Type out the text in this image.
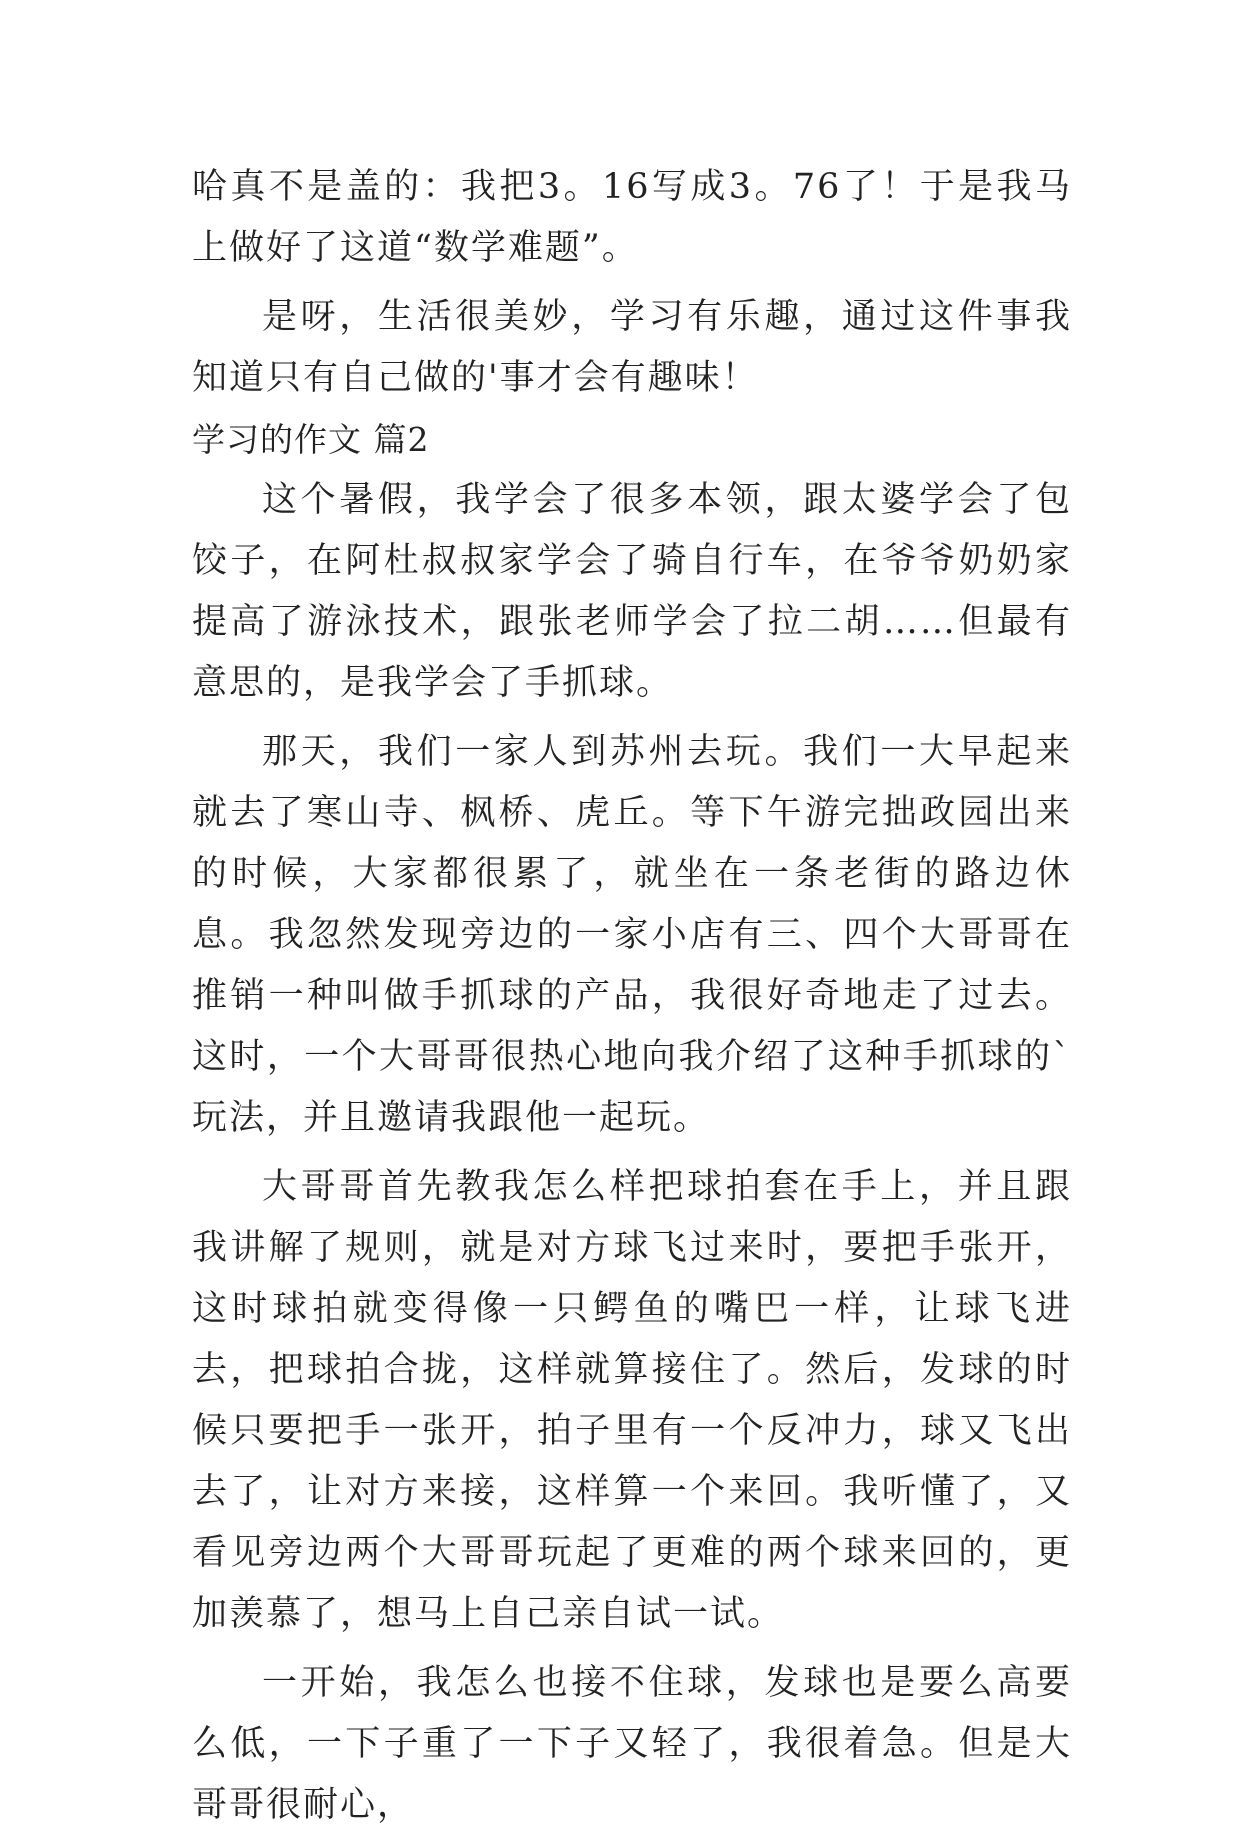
哈真不是盖的：我把3。16写成3。76了！于是我马上做好了这道“数学难题”。

是呀，生活很美妙，学习有乐趣，通过这件事我知道只有自己做的'事才会有趣味！

学习的作文 篇2

这个暑假，我学会了很多本领，跟太婆学会了包饺子，在阿杜叔叔家学会了骑自行车，在爷爷奶奶家提高了游泳技术，跟张老师学会了拉二胡……但最有意思的，是我学会了手抓球。

那天，我们一家人到苏州去玩。我们一大早起来就去了寒山寺、枫桥、虎丘。等下午游完拙政园出来的时候，大家都很累了，就坐在一条老街的路边休息。我忽然发现旁边的一家小店有三、四个大哥哥在推销一种叫做手抓球的产品，我很好奇地走了过去。这时，一个大哥哥很热心地向我介绍了这种手抓球的`玩法，并且邀请我跟他一起玩。

大哥哥首先教我怎么样把球拍套在手上，并且跟我讲解了规则，就是对方球飞过来时，要把手张开，这时球拍就变得像一只鳄鱼的嘴巴一样，让球飞进去，把球拍合拢，这样就算接住了。然后，发球的时候只要把手一张开，拍子里有一个反冲力，球又飞出去了，让对方来接，这样算一个来回。我听懂了，又看见旁边两个大哥哥玩起了更难的两个球来回的，更加羡慕了，想马上自己亲自试一试。

一开始，我怎么也接不住球，发球也是要么高要么低，一下子重了一下子又轻了，我很着急。但是大哥哥很耐心，
